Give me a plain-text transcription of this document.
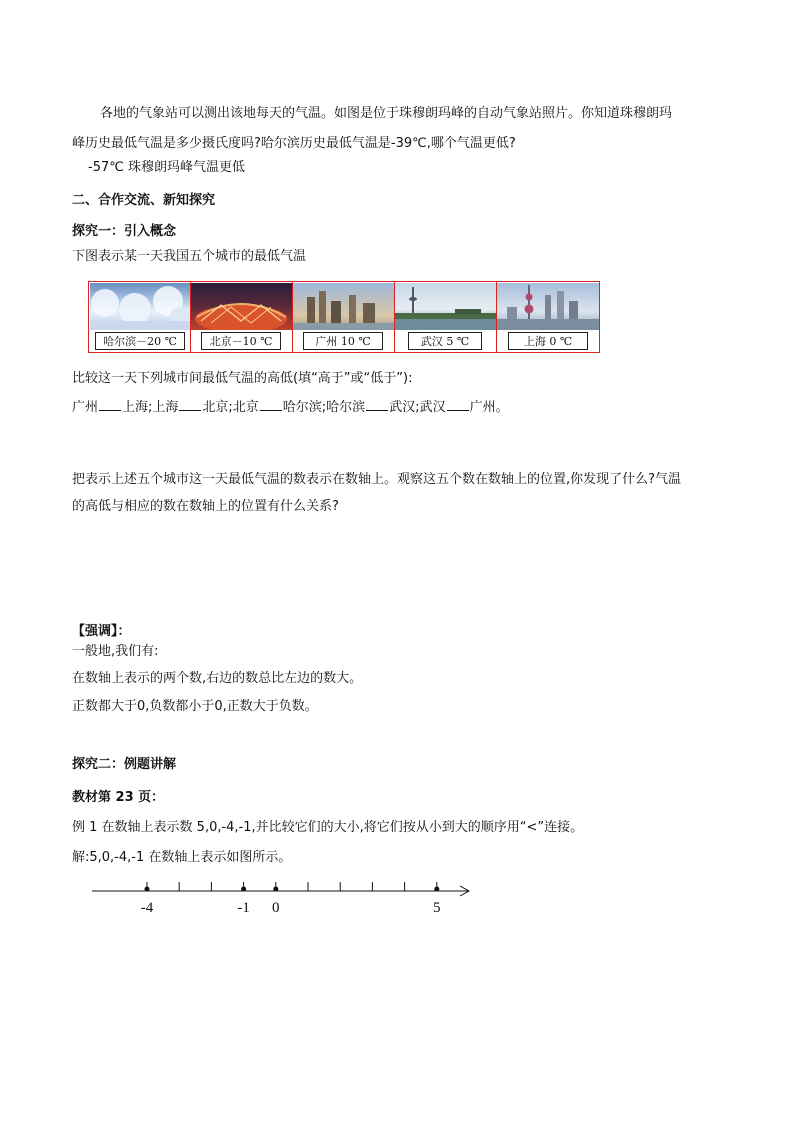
各地的气象站可以测出该地每天的气温。如图是位于珠穆朗玛峰的自动气象站照片。你知道珠穆朗玛
峰历史最低气温是多少摄氏度吗?哈尔滨历史最低气温是-39℃,哪个气温更低?
-57℃ 珠穆朗玛峰气温更低
二、合作交流、新知探究
探究一：引入概念
下图表示某一天我国五个城市的最低气温
哈尔滨－20 ℃	北京－10 ℃	广州 10 ℃	武汉 5 ℃	上海 0 ℃
比较这一天下列城市间最低气温的高低(填“高于”或“低于”):
广州 上海;上海 北京;北京 哈尔滨;哈尔滨 武汉;武汉 广州。
把表示上述五个城市这一天最低气温的数表示在数轴上。观察这五个数在数轴上的位置,你发现了什么?气温
的高低与相应的数在数轴上的位置有什么关系?
【强调】：
一般地,我们有:
在数轴上表示的两个数,右边的数总比左边的数大。
正数都大于0,负数都小于0,正数大于负数。
探究二：例题讲解
教材第 23 页：
例 1 在数轴上表示数 5,0,-4,-1,并比较它们的大小,将它们按从小到大的顺序用“<”连接。
解:5,0,-4,-1 在数轴上表示如图所示。
-4	-1 0	5
